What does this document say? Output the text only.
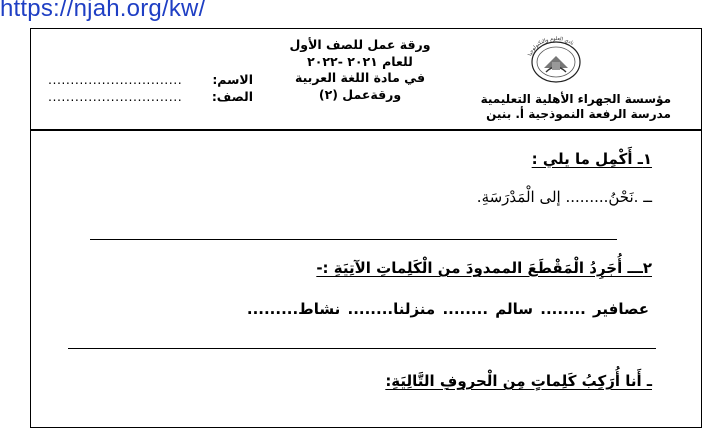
https://njah.org/kw/
نادي العلوم والتكنولوجيا
مؤسسة الجهراء الأهلية التعليمية
مدرسة الرفعة النموذجية أ. بنين
ورقة عمل للصف الأول
للعام ٢٠٢١ -٢٠٢٢
في مادة اللغة العربية
ورقةعمل (٢)
الاسم:
..............................
الصف:
..............................
١ـ أَكْمِل ما يلي :
ــ .نَحْنُ......... إلى الْمَدْرَسَةِ.
٢ـــ أُجَرِدُ الْمَقْطَعَ الممدودَ من الْكَلِماتِ الآتِيَةِ :-
عصافير ........ سالم ........ منزلنا........ نشاط.........
ـ أَنا أُرَكِبُ كَلِماتٍ مِن الْحروفِ التَّالِيَةِ:
